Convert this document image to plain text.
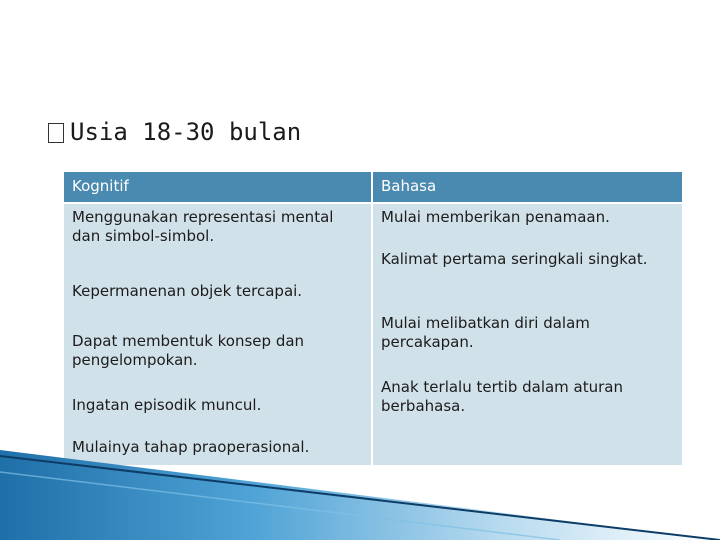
Usia 18-30 bulan
Kognitif	Bahasa
Menggunakan representasi mental dan simbol-simbol.
Kepermanenan objek tercapai.
Dapat membentuk konsep dan pengelompokan.
Ingatan episodik muncul.
Mulainya tahap praoperasional.
Mulai memberikan penamaan.
Kalimat pertama seringkali singkat.
Mulai melibatkan diri dalam percakapan.
Anak terlalu tertib dalam aturan berbahasa.
